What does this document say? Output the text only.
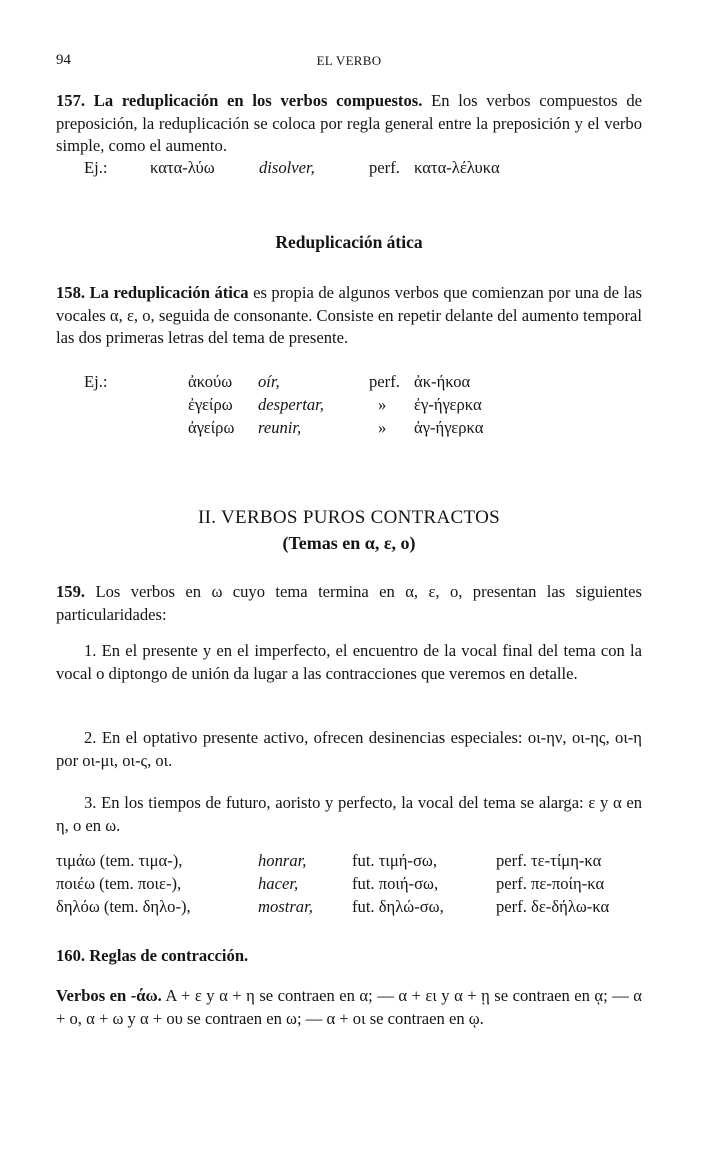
94	EL VERBO

157. La reduplicación en los verbos compuestos. En los verbos compuestos de preposición, la reduplicación se coloca por regla general entre la preposición y el verbo simple, como el aumento.

Ej.:	κατα-λύω	disolver,	perf. κατα-λέλυκα
Reduplicación ática

158. La reduplicación ática es propia de algunos verbos que comienzan por una de las vocales α, ε, ο, seguida de consonante. Consiste en repetir delante del aumento temporal las dos primeras letras del tema de presente.

Ej.:	ἀκούω oír,	perf. ἀκ-ήκοα
ἐγείρω despertar,	» ἐγ-ήγερκα
ἀγείρω reunir,	» ἀγ-ήγερκα
II. VERBOS PUROS CONTRACTOS
(Temas en α, ε, ο)

159. Los verbos en ω cuyo tema termina en α, ε, ο, presentan las siguientes particularidades:

1. En el presente y en el imperfecto, el encuentro de la vocal final del tema con la vocal o diptongo de unión da lugar a las contracciones que veremos en detalle.

2. En el optativo presente activo, ofrecen desinencias especiales: οι-ην, οι-ης, οι-η por οι-μι, οι-ς, οι.

3. En los tiempos de futuro, aoristo y perfecto, la vocal del tema se alarga: ε y α en η, ο en ω.

τιμάω (tem. τιμα-),	honrar,	fut. τιμή-σω,	perf. τε-τίμη-κα
ποιέω (tem. ποιε-),	hacer,	fut. ποιή-σω,	perf. πε-ποίη-κα
δηλόω (tem. δηλο-),	mostrar, fut. δηλώ-σω,	perf. δε-δήλω-κα

160. Reglas de contracción.

Verbos en -άω. Α + ε y α + η se contraen en α; — α + ει y α + ῃ se contraen en ᾳ; — α + ο, α + ω y α + ου se contraen en ω; — α + οι se contraen en ῳ.
